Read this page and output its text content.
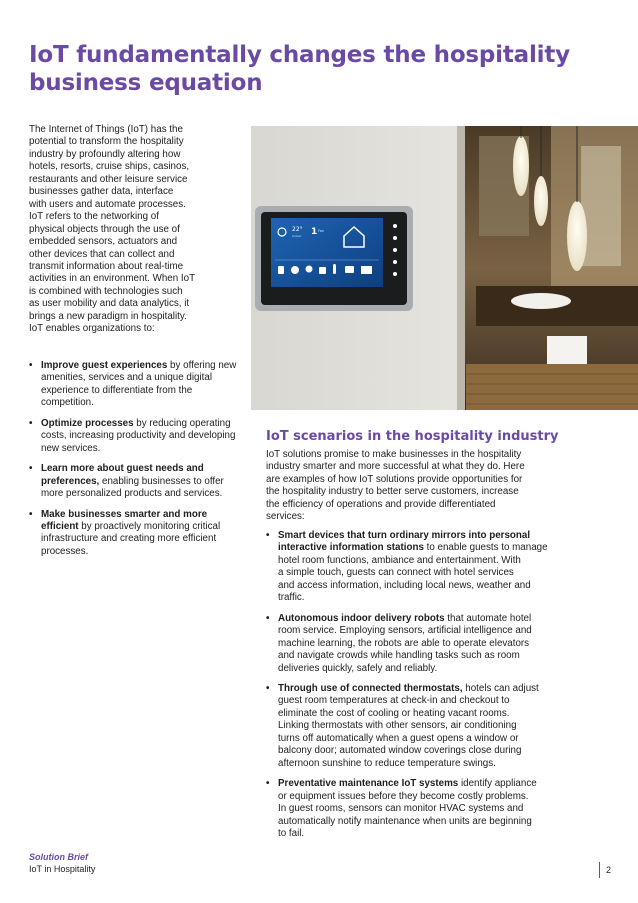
IoT fundamentally changes the hospitality business equation
The Internet of Things (IoT) has the
potential to transform the hospitality
industry by profoundly altering how
hotels, resorts, cruise ships, casinos,
restaurants and other leisure service
businesses gather data, interface
with users and automate processes.
IoT refers to the networking of
physical objects through the use of
embedded sensors, actuators and
other devices that can collect and
transmit information about real-time
activities in an environment. When IoT
is combined with technologies such
as user mobility and data analytics, it
brings a new paradigm in hospitality.
IoT enables organizations to:
• Improve guest experiences by offering new amenities, services and a unique digital experience to differentiate from the competition.
• Optimize processes by reducing operating costs, increasing productivity and developing new services.
• Learn more about guest needs and preferences, enabling businesses to offer more personalized products and services.
• Make businesses smarter and more efficient by proactively monitoring critical infrastructure and creating more efficient processes.
22°
Indoor 1 Fan
IoT scenarios in the hospitality industry
IoT solutions promise to make businesses in the hospitality
industry smarter and more successful at what they do. Here
are examples of how IoT solutions provide opportunities for
the hospitality industry to better serve customers, increase
the efficiency of operations and provide differentiated
services:
• Smart devices that turn ordinary mirrors into personal
interactive information stations to enable guests to manage
hotel room functions, ambiance and entertainment. With
a simple touch, guests can connect with hotel services
and access information, including local news, weather and
traffic.
• Autonomous indoor delivery robots that automate hotel
room service. Employing sensors, artificial intelligence and
machine learning, the robots are able to operate elevators
and navigate crowds while handling tasks such as room
deliveries quickly, safely and reliably.
• Through use of connected thermostats, hotels can adjust
guest room temperatures at check-in and checkout to
eliminate the cost of cooling or heating vacant rooms.
Linking thermostats with other sensors, air conditioning
turns off automatically when a guest opens a window or
balcony door; automated window coverings close during
afternoon sunshine to reduce temperature swings.
• Preventative maintenance IoT systems identify appliance
or equipment issues before they become costly problems.
In guest rooms, sensors can monitor HVAC systems and
automatically notify maintenance when units are beginning
to fail.
Solution Brief
IoT in Hospitality	2
